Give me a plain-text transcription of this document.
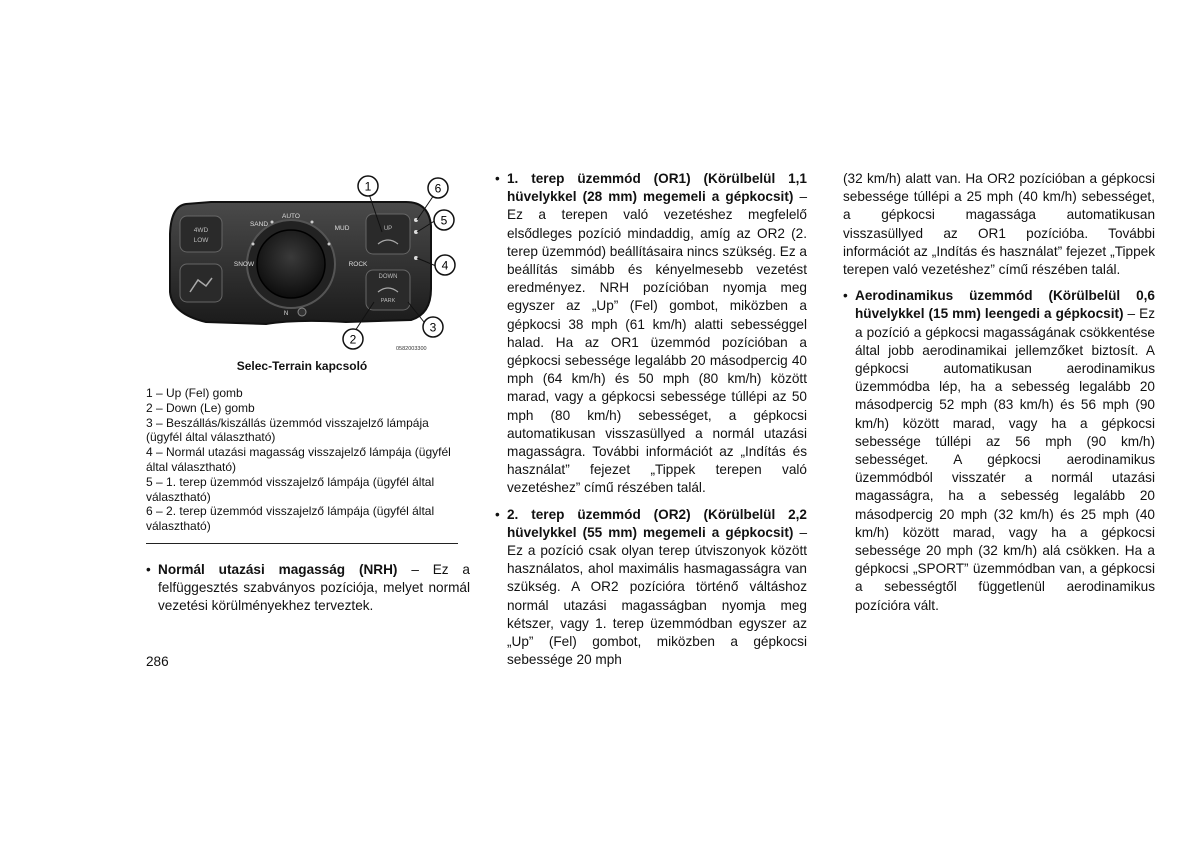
4WD
LOW
AUTO
SAND
MUD
SNOW	ROCK
N
UP
DOWN
PARK
1
2
3
4
5
6
0582003300
Selec-Terrain kapcsoló
1 – Up (Fel) gomb
2 – Down (Le) gomb
3 – Beszállás/kiszállás üzemmód visszajelző lámpája (ügyfél által választható)
4 – Normál utazási magasság visszajelző lámpája (ügyfél által választható)
5 – 1. terep üzemmód visszajelző lámpája (ügyfél által választható)
6 – 2. terep üzemmód visszajelző lámpája (ügyfél által választható)
• Normál utazási magasság (NRH) – Ez a felfüggesztés szabványos pozíciója, melyet normál vezetési körülményekhez terveztek.
286
• 1. terep üzemmód (OR1) (Körülbelül 1,1 hüvelykkel (28 mm) megemeli a gépkocsit) – Ez a terepen való vezetéshez megfelelő elsődleges pozíció mindaddig, amíg az OR2 (2. terep üzemmód) beállításaira nincs szükség. Ez a beállítás simább és kényelmesebb vezetést eredményez. NRH pozícióban nyomja meg egyszer az „Up” (Fel) gombot, miközben a gépkocsi 38 mph (61 km/h) alatti sebességgel halad. Ha az OR1 üzemmód pozícióban a gépkocsi sebessége legalább 20 másodpercig 40 mph (64 km/h) és 50 mph (80 km/h) között marad, vagy a gépkocsi sebessége túllépi az 50 mph (80 km/h) sebességet, a gépkocsi automatikusan visszasüllyed a normál utazási magasságra. További információt az „Indítás és használat” fejezet „Tippek terepen való vezetéshez” című részében talál.
• 2. terep üzemmód (OR2) (Körülbelül 2,2 hüvelykkel (55 mm) megemeli a gépkocsit) – Ez a pozíció csak olyan terep útviszonyok között használatos, ahol maximális hasmagasságra van szükség. A OR2 pozícióra történő váltáshoz normál utazási magasságban nyomja meg kétszer, vagy 1. terep üzemmódban egyszer az „Up” (Fel) gombot, miközben a gépkocsi sebessége 20 mph
(32 km/h) alatt van. Ha OR2 pozícióban a gépkocsi sebessége túllépi a 25 mph (40 km/h) sebességet, a gépkocsi magassága automatikusan visszasüllyed az OR1 pozícióba. További információt az „Indítás és használat” fejezet „Tippek terepen való vezetéshez” című részében talál.
• Aerodinamikus üzemmód (Körülbelül 0,6 hüvelykkel (15 mm) leengedi a gépkocsit) – Ez a pozíció a gépkocsi magasságának csökkentése által jobb aerodinamikai jellemzőket biztosít. A gépkocsi automatikusan aerodinamikus üzemmódba lép, ha a sebesség legalább 20 másodpercig 52 mph (83 km/h) és 56 mph (90 km/h) között marad, vagy ha a gépkocsi sebessége túllépi az 56 mph (90 km/h) sebességet. A gépkocsi aerodinamikus üzemmódból visszatér a normál utazási magasságra, ha a sebesség legalább 20 másodpercig 20 mph (32 km/h) és 25 mph (40 km/h) között marad, vagy ha a gépkocsi sebessége 20 mph (32 km/h) alá csökken. Ha a gépkocsi „SPORT” üzemmódban van, a gépkocsi a sebességtől függetlenül aerodinamikus pozícióra vált.
